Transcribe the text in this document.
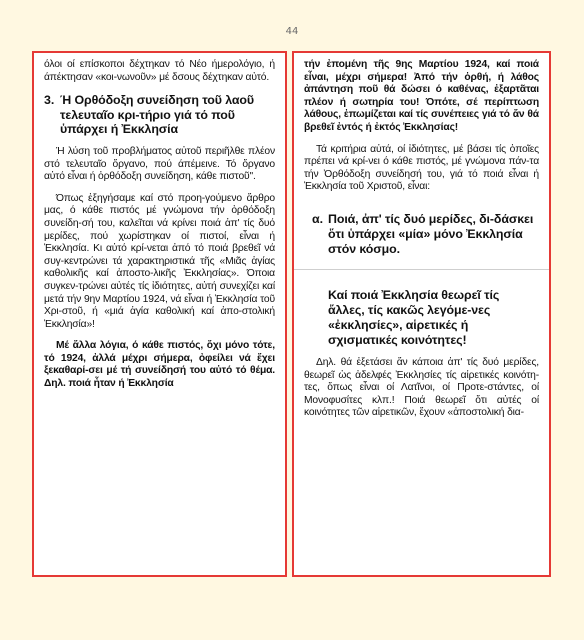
44

όλοι οί επίσκοποι δέχτηκαν τό Νέο ήμερολόγιο, ή άπέκτησαν «κοι-νωνοῦν» μέ δσους δέχτηκαν αὐτό.

3. Ή Ορθόδοξη συνείδηση τοῦ λαοῦ τελευταῖο κρι-τήριο γιά τό ποῦ ὑπάρχει ή Ἐκκλησία

Ή λύση τοῦ προβλήματος αὐτοῦ περιῆλθε πλέον στό τελευταῖο ὄργανο, πού άπέμεινε. Τό ὄργανο αὐτό εἶναι ή ὀρθόδοξη συνείδηση, κάθε πιστοῦ".

Όπως ἐξηγήσαμε καί στό προη-γούμενο ἄρθρο μας, ό κάθε πιστός μέ γνώμονα τήν ὀρθόδοξη συνείδη-σή του, καλεῖται νά κρίνει ποιά ἀπ' τίς δυό μερίδες, πού χωρίστηκαν οί πιστοί, εἶναι ή Ἐκκλησία. Κι αὐτό κρί-νεται ἀπό τό ποιά βρεθεῖ νά συγ-κεντρώνει τά χαρακτηριστικά τῆς «Μιᾶς ἁγίας καθολικῆς καί ἀποστο-λικῆς Ἐκκλησίας». Όποια συγκεν-τρώνει αὐτές τίς ἰδιότητες, αὐτή συνεχίζει καί μετά τήν 9ην Μαρτίου 1924, νά εἶναι ή Ἐκκλησία τοῦ Χρι-στοῦ, ή «μιά ἁγία καθολική καί ἀπο-στολική Ἐκκλησία»!

Μέ ἄλλα λόγια, ό κάθε πιστός, ὄχι μόνο τότε, τό 1924, ἀλλά μέχρι σήμερα, ὀφείλει νά ἔχει ξεκαθαρί-σει μέ τή συνείδησή του αὐτό τό θέμα. Δηλ. ποιά ἦταν ή Ἐκκλησία

τήν ἐπομένη τῆς 9ης Μαρτίου 1924, καί ποιά εἶναι, μέχρι σήμερα! Ἀπό τήν ὀρθή, ή λάθος ἀπάντηση ποῦ θά δώσει ό καθένας, ἐξαρτᾶται πλέον ή σωτηρία του! Όπότε, σέ περίπτωση λάθους, ἐπωμίζεται καί τίς συνέπειες γιά τό ἄν θά βρεθεῖ ἐντός ή ἐκτός Ἐκκλησίας!

Τά κριτήρια αὐτά, οί ἰδιότητες, μέ βάσει τίς ὁποῖες πρέπει νά κρί-νει ό κάθε πιστός, μέ γνώμονα πάν-τα τήν Ὀρθόδοξη συνείδησή του, γιά τό ποιά εἶναι ή Ἐκκλησία τοῦ Χριστοῦ, εἶναι:

α. Ποιά, ἀπ' τίς δυό μερίδες, δι-δάσκει ὅτι ὑπάρχει «μία» μόνο Ἐκκλησία στόν κόσμο.

Καί ποιά Ἐκκλησία θεωρεῖ τίς ἄλλες, τίς κακῶς λεγόμε-νες «ἐκκλησίες», αἱρετικές ή σχισματικές κοινότητες!

Δηλ. θά ἐξετάσει ἄν κάποια ἀπ' τίς δυό μερίδες, θεωρεῖ ὡς ἀδελφές Ἐκκλησίες τίς αἱρετικές κοινότη-τες, ὅπως εἶναι οί Λατῖνοι, οί Προτε-στάντες, οί Μονοφυσίτες κλπ.! Ποιά θεωρεῖ ὅτι αὐτές οί κοινότητες τῶν αἱρετικῶν, ἔχουν «ἀποστολική δια-
